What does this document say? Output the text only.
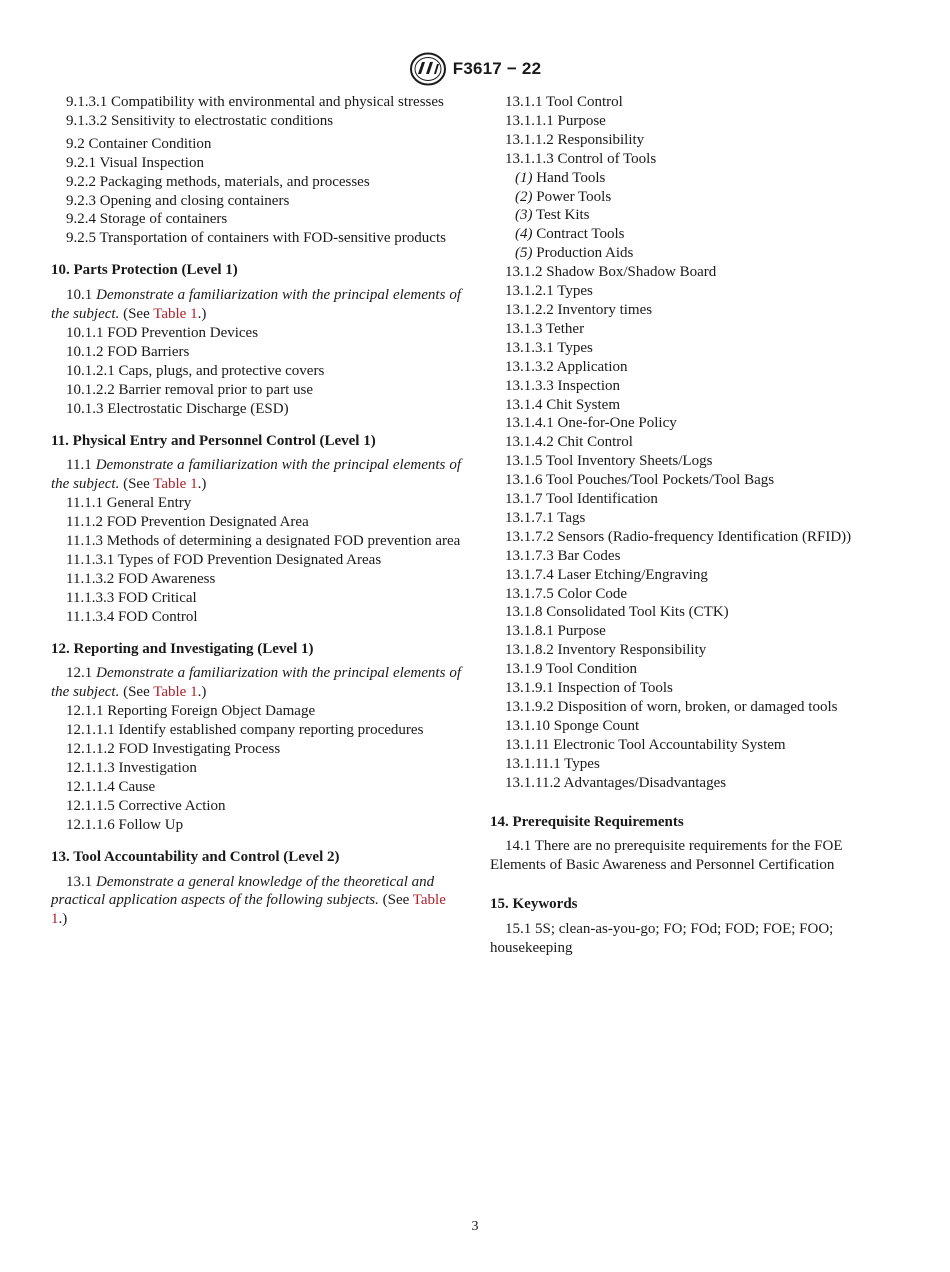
F3617 − 22

9.1.3.1 Compatibility with environmental and physical stresses

9.1.3.2 Sensitivity to electrostatic conditions

9.2 Container Condition

9.2.1 Visual Inspection

9.2.2 Packaging methods, materials, and processes

9.2.3 Opening and closing containers

9.2.4 Storage of containers

9.2.5 Transportation of containers with FOD-sensitive products

10. Parts Protection (Level 1)

10.1 Demonstrate a familiarization with the principal elements of the subject. (See Table 1.)

10.1.1 FOD Prevention Devices

10.1.2 FOD Barriers

10.1.2.1 Caps, plugs, and protective covers

10.1.2.2 Barrier removal prior to part use

10.1.3 Electrostatic Discharge (ESD)

11. Physical Entry and Personnel Control (Level 1)

11.1 Demonstrate a familiarization with the principal elements of the subject. (See Table 1.)

11.1.1 General Entry

11.1.2 FOD Prevention Designated Area

11.1.3 Methods of determining a designated FOD prevention area

11.1.3.1 Types of FOD Prevention Designated Areas

11.1.3.2 FOD Awareness

11.1.3.3 FOD Critical

11.1.3.4 FOD Control

12. Reporting and Investigating (Level 1)

12.1 Demonstrate a familiarization with the principal elements of the subject. (See Table 1.)

12.1.1 Reporting Foreign Object Damage

12.1.1.1 Identify established company reporting procedures

12.1.1.2 FOD Investigating Process

12.1.1.3 Investigation

12.1.1.4 Cause

12.1.1.5 Corrective Action

12.1.1.6 Follow Up

13. Tool Accountability and Control (Level 2)

13.1 Demonstrate a general knowledge of the theoretical and practical application aspects of the following subjects. (See Table 1.)

13.1.1 Tool Control

13.1.1.1 Purpose

13.1.1.2 Responsibility

13.1.1.3 Control of Tools

(1) Hand Tools

(2) Power Tools

(3) Test Kits

(4) Contract Tools

(5) Production Aids

13.1.2 Shadow Box/Shadow Board

13.1.2.1 Types

13.1.2.2 Inventory times

13.1.3 Tether

13.1.3.1 Types

13.1.3.2 Application

13.1.3.3 Inspection

13.1.4 Chit System

13.1.4.1 One-for-One Policy

13.1.4.2 Chit Control

13.1.5 Tool Inventory Sheets/Logs

13.1.6 Tool Pouches/Tool Pockets/Tool Bags

13.1.7 Tool Identification

13.1.7.1 Tags

13.1.7.2 Sensors (Radio-frequency Identification (RFID))

13.1.7.3 Bar Codes

13.1.7.4 Laser Etching/Engraving

13.1.7.5 Color Code

13.1.8 Consolidated Tool Kits (CTK)

13.1.8.1 Purpose

13.1.8.2 Inventory Responsibility

13.1.9 Tool Condition

13.1.9.1 Inspection of Tools

13.1.9.2 Disposition of worn, broken, or damaged tools

13.1.10 Sponge Count

13.1.11 Electronic Tool Accountability System

13.1.11.1 Types

13.1.11.2 Advantages/Disadvantages

14. Prerequisite Requirements

14.1 There are no prerequisite requirements for the FOE Elements of Basic Awareness and Personnel Certification

15. Keywords

15.1 5S; clean-as-you-go; FO; FOd; FOD; FOE; FOO; housekeeping

3
